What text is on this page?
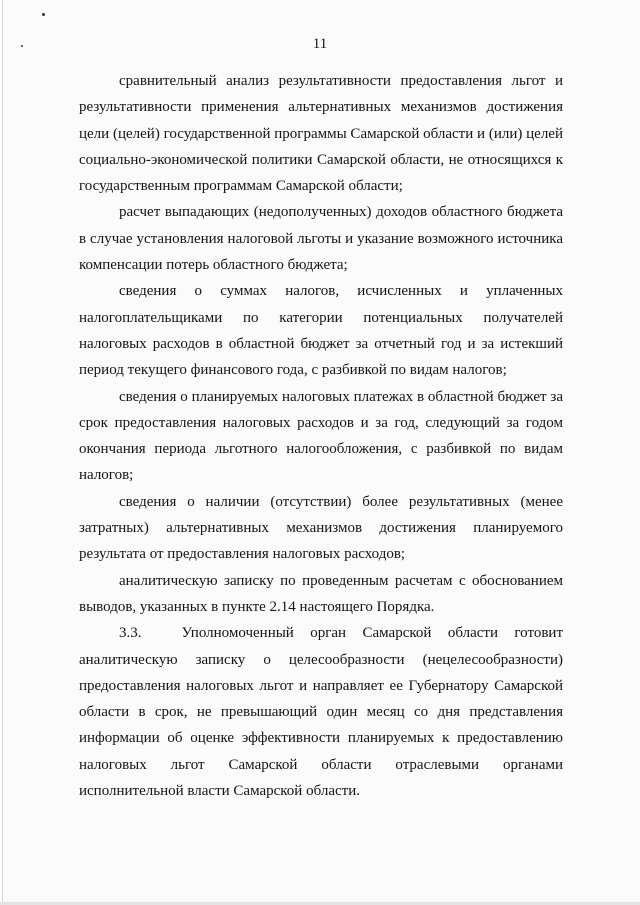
11

сравнительный анализ результативности предоставления льгот и результативности применения альтернативных механизмов достижения цели (целей) государственной программы Самарской области и (или) целей социально-экономической политики Самарской области, не относящихся к государственным программам Самарской области;

расчет выпадающих (недополученных) доходов областного бюджета в случае установления налоговой льготы и указание возможного источника компенсации потерь областного бюджета;

сведения о суммах налогов, исчисленных и уплаченных налогоплательщиками по категории потенциальных получателей налоговых расходов в областной бюджет за отчетный год и за истекший период текущего финансового года, с разбивкой по видам налогов;

сведения о планируемых налоговых платежах в областной бюджет за срок предоставления налоговых расходов и за год, следующий за годом окончания периода льготного налогообложения, с разбивкой по видам налогов;

сведения о наличии (отсутствии) более результативных (менее затратных) альтернативных механизмов достижения планируемого результата от предоставления налоговых расходов;

аналитическую записку по проведенным расчетам с обоснованием выводов, указанных в пункте 2.14 настоящего Порядка.

3.3.	Уполномоченный орган Самарской области готовит аналитическую записку о целесообразности (нецелесообразности) предоставления налоговых льгот и направляет ее Губернатору Самарской области в срок, не превышающий один месяц со дня представления информации об оценке эффективности планируемых к предоставлению налоговых льгот Самарской области отраслевыми органами исполнительной власти Самарской области.
